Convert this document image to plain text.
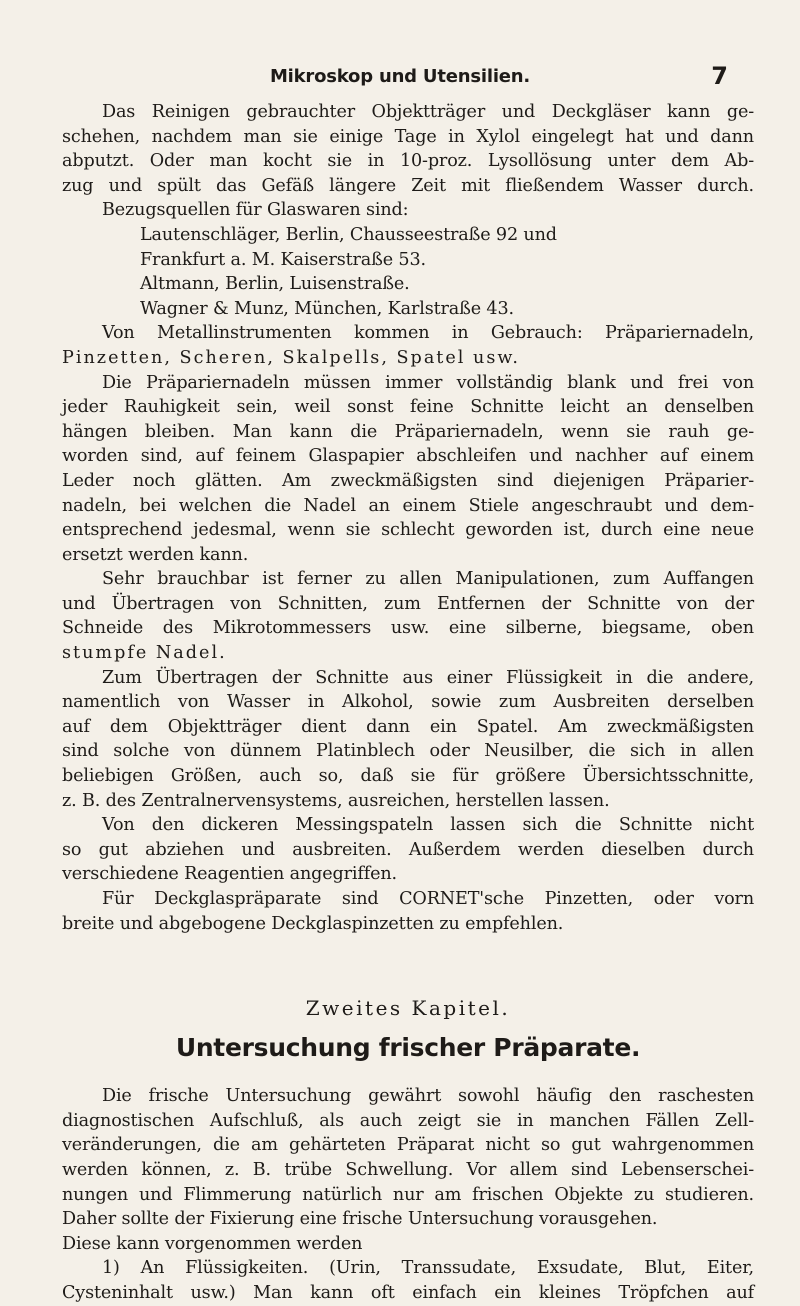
Mikroskop und Utensilien.	7
Das Reinigen gebrauchter Objektträger und Deckgläser kann ge-
schehen, nachdem man sie einige Tage in Xylol eingelegt hat und dann
abputzt. Oder man kocht sie in 10-proz. Lysollösung unter dem Ab-
zug und spült das Gefäß längere Zeit mit fließendem Wasser durch.
Bezugsquellen für Glaswaren sind:
Lautenschläger, Berlin, Chausseestraße 92 und
Frankfurt a. M. Kaiserstraße 53.
Altmann, Berlin, Luisenstraße.
Wagner & Munz, München, Karlstraße 43.
Von Metallinstrumenten kommen in Gebrauch: Präpariernadeln,
Pinzetten, Scheren, Skalpells, Spatel usw.
Die Präpariernadeln müssen immer vollständig blank und frei von
jeder Rauhigkeit sein, weil sonst feine Schnitte leicht an denselben
hängen bleiben. Man kann die Präpariernadeln, wenn sie rauh ge-
worden sind, auf feinem Glaspapier abschleifen und nachher auf einem
Leder noch glätten. Am zweckmäßigsten sind diejenigen Präparier-
nadeln, bei welchen die Nadel an einem Stiele angeschraubt und dem-
entsprechend jedesmal, wenn sie schlecht geworden ist, durch eine neue
ersetzt werden kann.
Sehr brauchbar ist ferner zu allen Manipulationen, zum Auffangen
und Übertragen von Schnitten, zum Entfernen der Schnitte von der
Schneide des Mikrotommessers usw. eine silberne, biegsame, oben
stumpfe Nadel.
Zum Übertragen der Schnitte aus einer Flüssigkeit in die andere,
namentlich von Wasser in Alkohol, sowie zum Ausbreiten derselben
auf dem Objektträger dient dann ein Spatel. Am zweckmäßigsten
sind solche von dünnem Platinblech oder Neusilber, die sich in allen
beliebigen Größen, auch so, daß sie für größere Übersichtsschnitte,
z. B. des Zentralnervensystems, ausreichen, herstellen lassen.
Von den dickeren Messingspateln lassen sich die Schnitte nicht
so gut abziehen und ausbreiten. Außerdem werden dieselben durch
verschiedene Reagentien angegriffen.
Für Deckglaspräparate sind CORNET'sche Pinzetten, oder vorn
breite und abgebogene Deckglaspinzetten zu empfehlen.
Zweites Kapitel.
Untersuchung frischer Präparate.
Die frische Untersuchung gewährt sowohl häufig den raschesten
diagnostischen Aufschluß, als auch zeigt sie in manchen Fällen Zell-
veränderungen, die am gehärteten Präparat nicht so gut wahrgenommen
werden können, z. B. trübe Schwellung. Vor allem sind Lebenserschei-
nungen und Flimmerung natürlich nur am frischen Objekte zu studieren.
Daher sollte der Fixierung eine frische Untersuchung vorausgehen.
Diese kann vorgenommen werden
1) An Flüssigkeiten. (Urin, Transsudate, Exsudate, Blut, Eiter,
Cysteninhalt usw.) Man kann oft einfach ein kleines Tröpfchen auf
